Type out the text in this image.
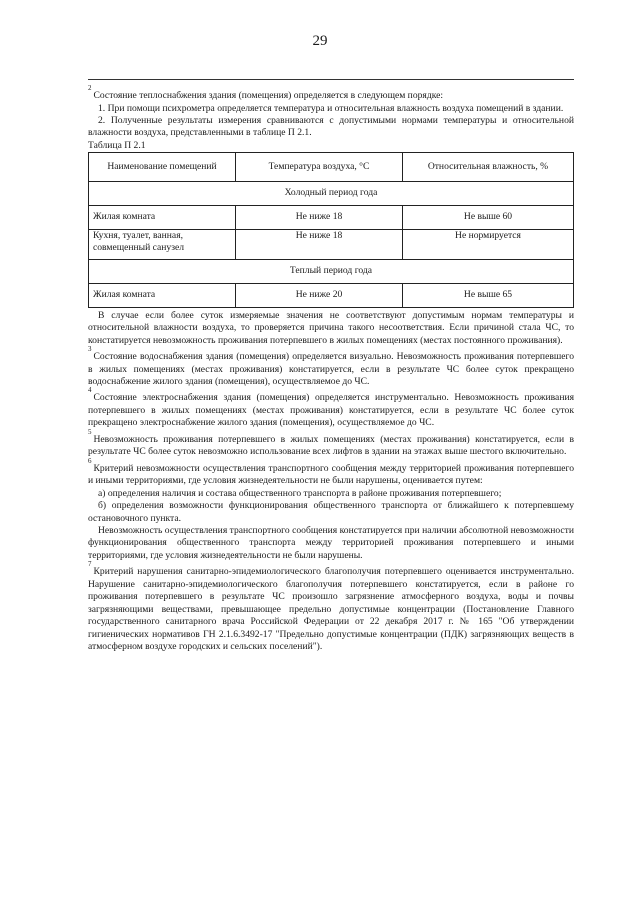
29

$^2$Состояние теплоснабжения здания (помещения) определяется в следующем порядке:

1. При помощи психрометра определяется температура и относительная влажность воздуха помещений в здании.

2. Полученные результаты измерения сравниваются с допустимыми нормами температуры и относительной влажности воздуха, представленными в таблице П 2.1.

Таблица П 2.1

Наименование помещений	Температура воздуха, °С	Относительная влажность, %
Холодный период года		
Жилая комната	Не ниже 18	Не выше 60
Кухня, туалет, ванная, совмещенный санузел	Не ниже 18	Не нормируется
Теплый период года		
Жилая комната	Не ниже 20	Не выше 65

В случае если более суток измеряемые значения не соответствуют допустимым нормам температуры и относительной влажности воздуха, то проверяется причина такого несоответствия. Если причиной стала ЧС, то констатируется невозможность проживания потерпевшего в жилых помещениях (местах постоянного проживания).

$^3$Состояние водоснабжения здания (помещения) определяется визуально. Невозможность проживания потерпевшего в жилых помещениях (местах проживания) констатируется, если в результате ЧС более суток прекращено водоснабжение жилого здания (помещения), осуществляемое до ЧС.

$^4$Состояние электроснабжения здания (помещения) определяется инструментально. Невозможность проживания потерпевшего в жилых помещениях (местах проживания) констатируется, если в результате ЧС более суток прекращено электроснабжение жилого здания (помещения), осуществляемое до ЧС.

$^5$Невозможность проживания потерпевшего в жилых помещениях (местах проживания) констатируется, если в результате ЧС более суток невозможно использование всех лифтов в здании на этажах выше шестого включительно.

$^6$Критерий невозможности осуществления транспортного сообщения между территорией проживания потерпевшего и иными территориями, где условия жизнедеятельности не были нарушены, оценивается путем:

а) определения наличия и состава общественного транспорта в районе проживания потерпевшего;

б) определения возможности функционирования общественного транспорта от ближайшего к потерпевшему остановочного пункта.

Невозможность осуществления транспортного сообщения констатируется при наличии абсолютной невозможности функционирования общественного транспорта между территорией проживания потерпевшего и иными территориями, где условия жизнедеятельности не были нарушены.

$^7$Критерий нарушения санитарно-эпидемиологического благополучия потерпевшего оценивается инструментально. Нарушение санитарно-эпидемиологического благополучия потерпевшего констатируется, если в районе го проживания потерпевшего в результате ЧС произошло загрязнение атмосферного воздуха, воды и почвы загрязняющими веществами, превышающее предельно допустимые концентрации (Постановление Главного государственного санитарного врача Российской Федерации от 22 декабря 2017 г. № 165 "Об утверждении гигиенических нормативов ГН 2.1.6.3492-17 "Предельно допустимые концентрации (ПДК) загрязняющих веществ в атмосферном воздухе городских и сельских поселений").
